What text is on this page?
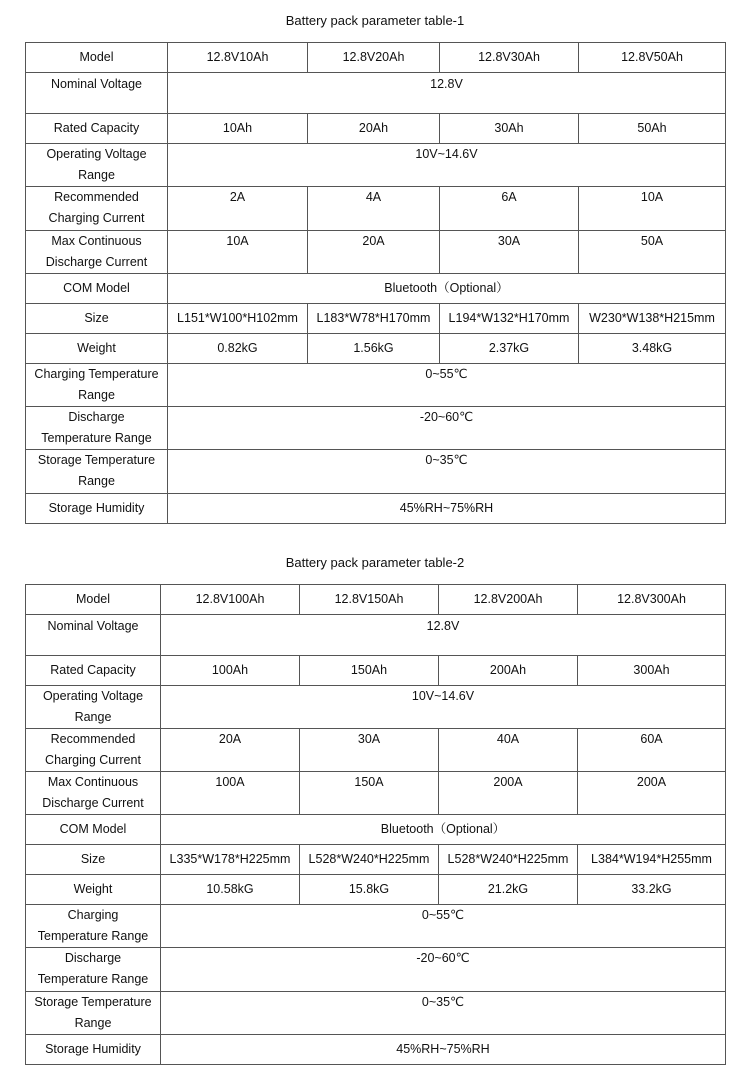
Battery pack parameter table-1
Model	12.8V10Ah	12.8V20Ah	12.8V30Ah	12.8V50Ah
Nominal Voltage	12.8V			
Rated Capacity	10Ah	20Ah	30Ah	50Ah
Operating Voltage
Range	10V~14.6V			
Recommended
Charging Current	2A	4A	6A	10A
Max Continuous
Discharge Current	10A	20A	30A	50A
COM Model	Bluetooth（Optional）			
Size	L151*W100*H102mm	L183*W78*H170mm	L194*W132*H170mm	W230*W138*H215mm
Weight	0.82kG	1.56kG	2.37kG	3.48kG
Charging Temperature
Range	0~55℃			
Discharge
Temperature Range	-20~60℃			
Storage Temperature
Range	0~35℃			
Storage Humidity	45%RH~75%RH			
Battery pack parameter table-2
Model	12.8V100Ah	12.8V150Ah	12.8V200Ah	12.8V300Ah
Nominal Voltage	12.8V			
Rated Capacity	100Ah	150Ah	200Ah	300Ah
Operating Voltage
Range	10V~14.6V			
Recommended
Charging Current	20A	30A	40A	60A
Max Continuous
Discharge Current	100A	150A	200A	200A
COM Model	Bluetooth（Optional）			
Size	L335*W178*H225mm	L528*W240*H225mm	L528*W240*H225mm	L384*W194*H255mm
Weight	10.58kG	15.8kG	21.2kG	33.2kG
Charging
Temperature Range	0~55℃			
Discharge
Temperature Range	-20~60℃			
Storage Temperature
Range	0~35℃			
Storage Humidity	45%RH~75%RH			
